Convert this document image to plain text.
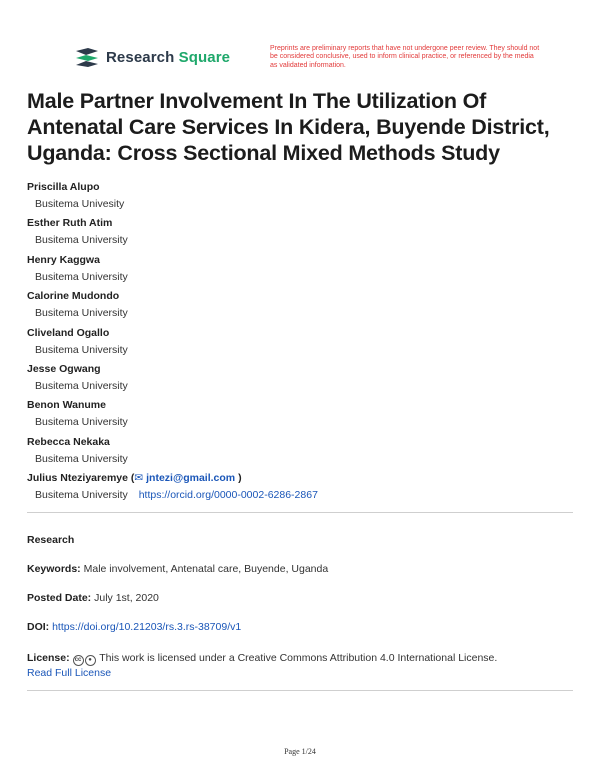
Research Square	Preprints are preliminary reports that have not undergone peer review. They should not be considered conclusive, used to inform clinical practice, or referenced by the media as validated information.
Male Partner Involvement In The Utilization Of Antenatal Care Services In Kidera, Buyende District, Uganda: Cross Sectional Mixed Methods Study
Priscilla Alupo
Busitema Univesity
Esther Ruth Atim
Busitema University
Henry Kaggwa
Busitema University
Calorine Mudondo
Busitema University
Cliveland Ogallo
Busitema University
Jesse Ogwang
Busitema University
Benon Wanume
Busitema University
Rebecca Nekaka
Busitema University
Julius Nteziyaremye (✉ jntezi@gmail.com )
Busitema University https://orcid.org/0000-0002-6286-2867
Research
Keywords: Male involvement, Antenatal care, Buyende, Uganda
Posted Date: July 1st, 2020
DOI: https://doi.org/10.21203/rs.3.rs-38709/v1
License: cc ● This work is licensed under a Creative Commons Attribution 4.0 International License.
Read Full License
Page 1/24
